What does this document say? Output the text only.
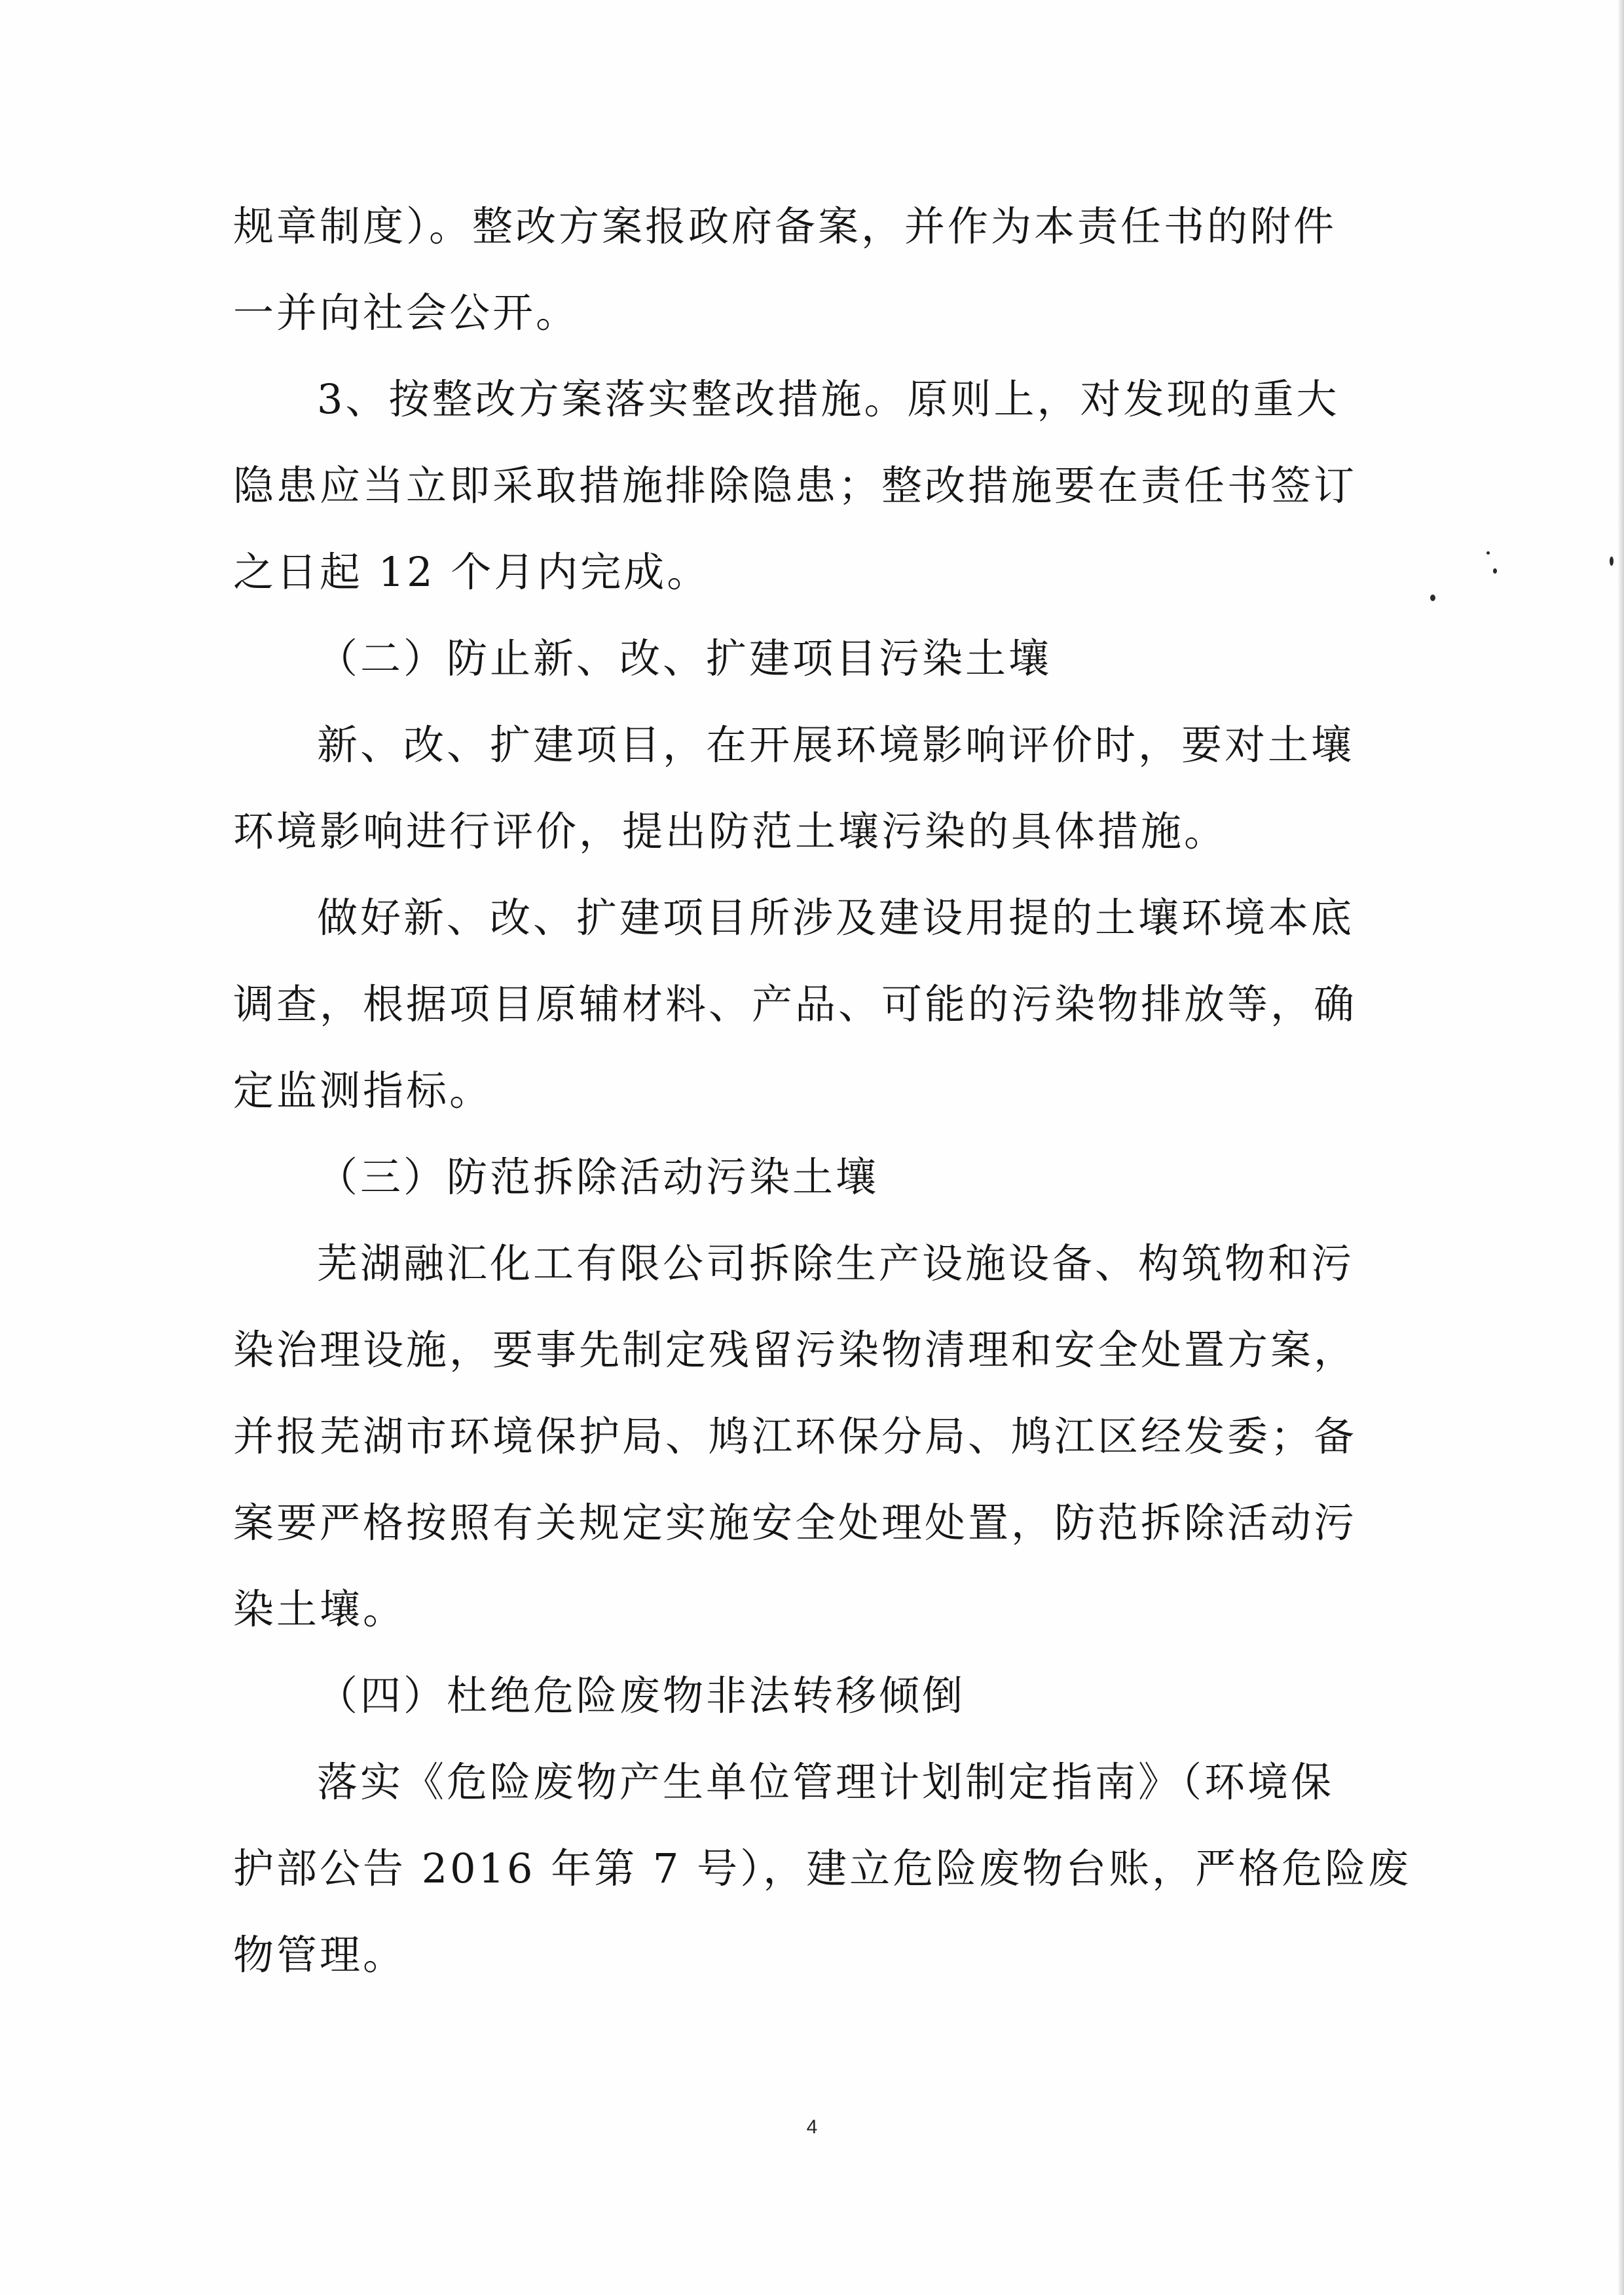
规章制度）。整改方案报政府备案，并作为本责任书的附件
一并向社会公开。
3、按整改方案落实整改措施。原则上，对发现的重大
隐患应当立即采取措施排除隐患；整改措施要在责任书签订
之日起 12 个月内完成。
（二）防止新、改、扩建项目污染土壤
新、改、扩建项目，在开展环境影响评价时，要对土壤
环境影响进行评价，提出防范土壤污染的具体措施。
做好新、改、扩建项目所涉及建设用提的土壤环境本底
调查，根据项目原辅材料、产品、可能的污染物排放等，确
定监测指标。
（三）防范拆除活动污染土壤
芜湖融汇化工有限公司拆除生产设施设备、构筑物和污
染治理设施，要事先制定残留污染物清理和安全处置方案，
并报芜湖市环境保护局、鸠江环保分局、鸠江区经发委；备
案要严格按照有关规定实施安全处理处置，防范拆除活动污
染土壤。
（四）杜绝危险废物非法转移倾倒
落实《危险废物产生单位管理计划制定指南》（环境保
护部公告 2016 年第 7 号），建立危险废物台账，严格危险废
物管理。
4
